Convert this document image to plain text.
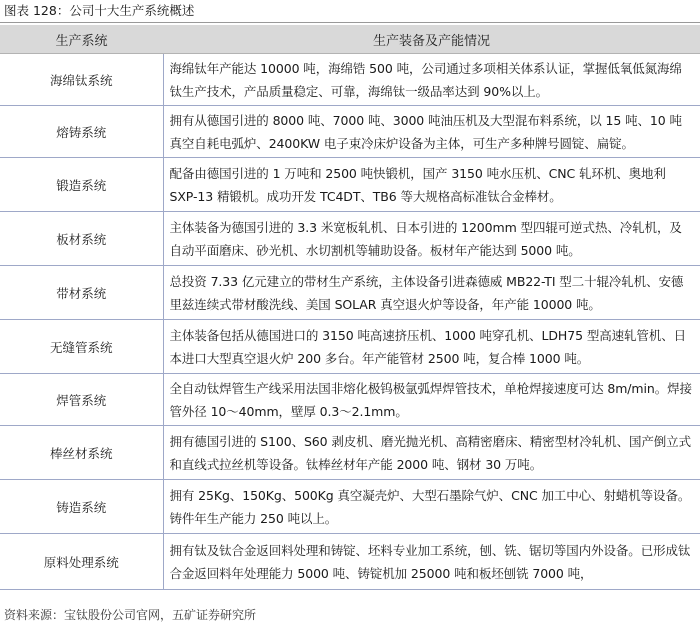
图表 128：公司十大生产系统概述
生产系统	生产装备及产能情况
海绵钛系统	海绵钛年产能达 10000 吨，海绵锆 500 吨，公司通过多项相关体系认证，掌握低氧低氮海绵钛生产技术，产品质量稳定、可靠，海绵钛一级品率达到 90%以上。
熔铸系统	拥有从德国引进的 8000 吨、7000 吨、3000 吨油压机及大型混布料系统，以 15 吨、10 吨真空自耗电弧炉、2400KW 电子束冷床炉设备为主体，可生产多种牌号圆锭、扁锭。
锻造系统	配备由德国引进的 1 万吨和 2500 吨快锻机，国产 3150 吨水压机、CNC 轧环机、奥地利 SXP-13 精锻机。成功开发 TC4DT、TB6 等大规格高标准钛合金棒材。
板材系统	主体装备为德国引进的 3.3 米宽板轧机、日本引进的 1200mm 型四辊可逆式热、冷轧机，及自动平面磨床、砂光机、水切割机等辅助设备。板材年产能达到 5000 吨。
带材系统	总投资 7.33 亿元建立的带材生产系统，主体设备引进森德威 MB22-TI 型二十辊冷轧机、安德里兹连续式带材酸洗线、美国 SOLAR 真空退火炉等设备，年产能 10000 吨。
无缝管系统	主体装备包括从德国进口的 3150 吨高速挤压机、1000 吨穿孔机、LDH75 型高速轧管机、日本进口大型真空退火炉 200 多台。年产能管材 2500 吨，复合棒 1000 吨。
焊管系统	全自动钛焊管生产线采用法国非熔化极钨极氩弧焊焊管技术，单枪焊接速度可达 8m/min。焊接管外径 10～40mm，壁厚 0.3～2.1mm。
棒丝材系统	拥有德国引进的 S100、S60 剥皮机、磨光抛光机、高精密磨床、精密型材冷轧机、国产倒立式和直线式拉丝机等设备。钛棒丝材年产能 2000 吨、钢材 30 万吨。
铸造系统	拥有 25Kg、150Kg、500Kg 真空凝壳炉、大型石墨除气炉、CNC 加工中心、射蜡机等设备。铸件年生产能力 250 吨以上。
原料处理系统	拥有钛及钛合金返回料处理和铸锭、坯料专业加工系统，刨、铣、锯切等国内外设备。已形成钛合金返回料年处理能力 5000 吨、铸锭机加 25000 吨和板坯刨铣 7000 吨，
资料来源：宝钛股份公司官网，五矿证券研究所
